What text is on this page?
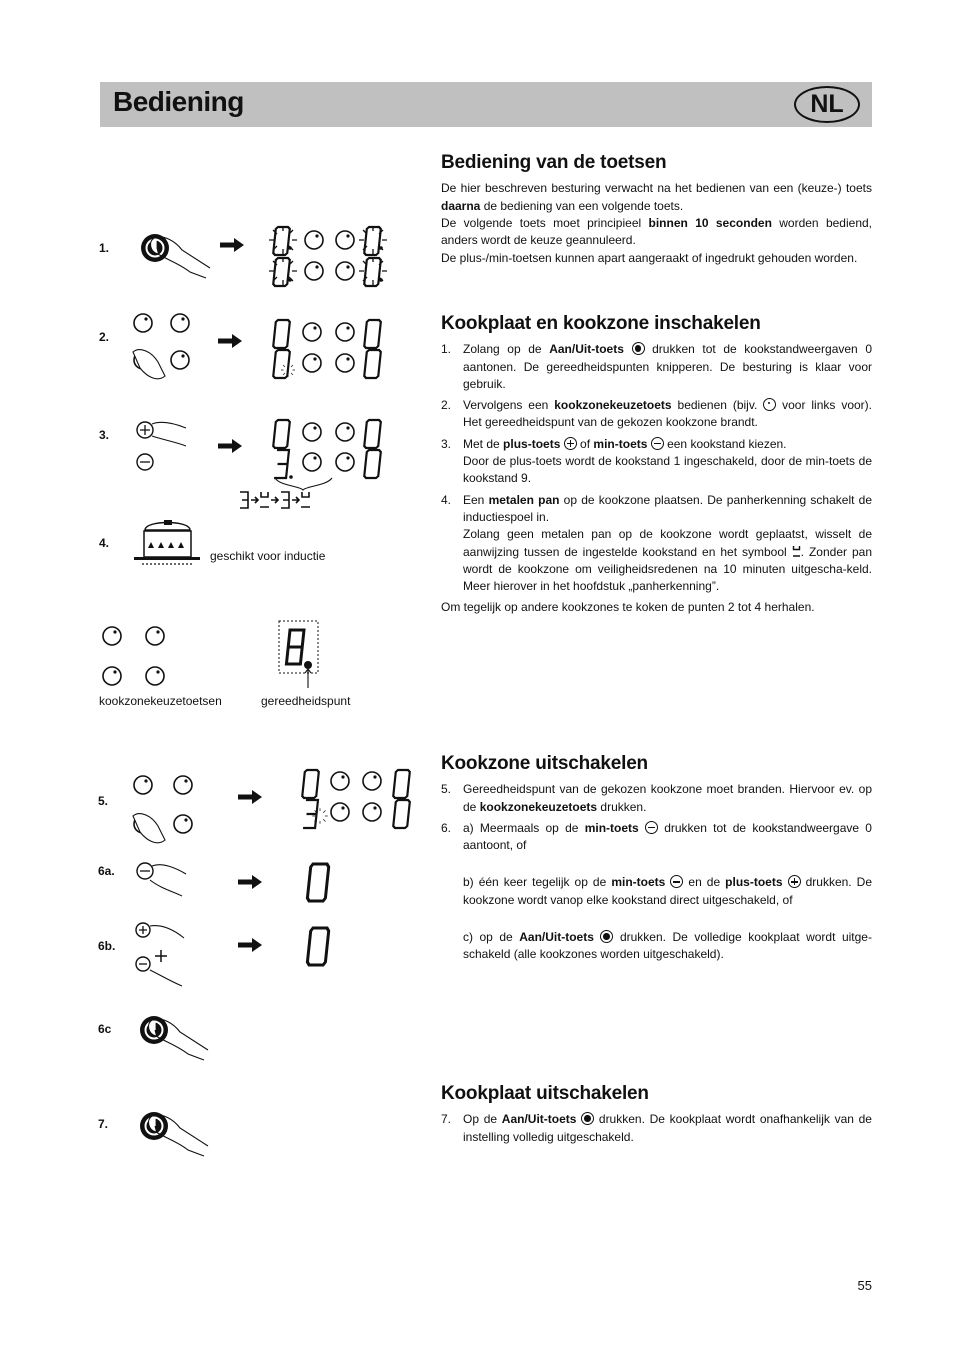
Bediening	NL
Bediening van de toetsen

De hier beschreven besturing verwacht na het bedienen van een (keuze-) toets daarna de bediening van een volgende toets.

De volgende toets moet principieel binnen 10 seconden worden bediend, anders wordt de keuze geannuleerd.

De plus-/min-toetsen kunnen apart aangeraakt of ingedrukt gehouden worden.

Kookplaat en kookzone inschakelen
1. Zolang op de Aan/Uit-toets  drukken tot de kookstandweergaven 0 aantonen. De gereedheidspunten knipperen. De besturing is klaar voor gebruik.
2. Vervolgens een kookzonekeuzetoets bedienen (bijv.  voor links voor). Het gereedheidspunt van de gekozen kookzone brandt.
3. Met de plus-toets  of min-toets  een kookstand kiezen.
Door de plus-toets wordt de kookstand 1 ingeschakeld, door de min-toets de kookstand 9.
4. Een metalen pan op de kookzone plaatsen. De panherkenning schakelt de inductiespoel in.
Zolang geen metalen pan op de kookzone wordt geplaatst, wisselt de aanwijzing tussen de ingestelde kookstand en het symbool . Zonder pan wordt de kookzone om veiligheidsredenen na 10 minuten uitgescha-keld. Meer hierover in het hoofdstuk „panherkenning”.

Om tegelijk op andere kookzones te koken de punten 2 tot 4 herhalen.

Kookzone uitschakelen
5. Gereedheidspunt van de gekozen kookzone moet branden. Hiervoor ev. op de kookzonekeuzetoets drukken.
6. a) Meermaals op de min-toets  drukken tot de kookstandweergave 0 aantoont, of
b) één keer tegelijk op de min-toets  en de plus-toets  drukken. De kookzone wordt vanop elke kookstand direct uitgeschakeld, of
c) op de Aan/Uit-toets  drukken. De volledige kookplaat wordt uitge-schakeld (alle kookzones worden uitgeschakeld).
Kookplaat uitschakelen
7. Op de Aan/Uit-toets  drukken. De kookplaat wordt onafhankelijk van de instelling volledig uitgeschakeld.
1.
2.
3.
4.
5.
6a.
6b.
6c
7.
geschikt voor inductie
kookzonekeuzetoetsen	gereedheidspunt
55
